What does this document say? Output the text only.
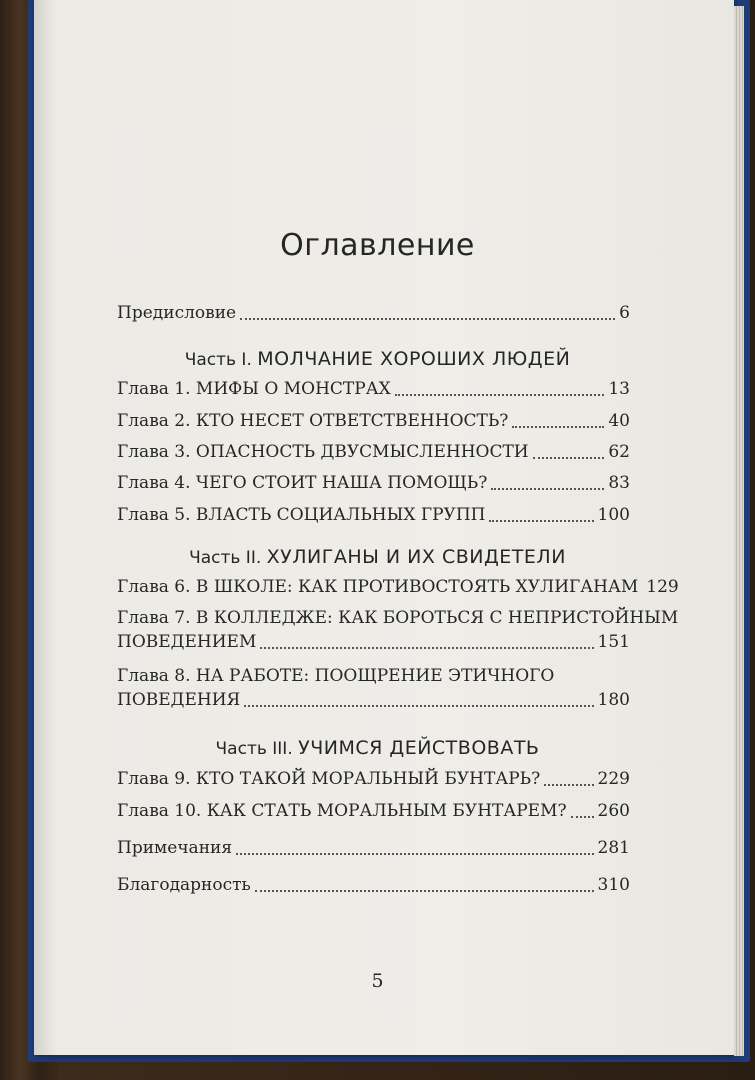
Оглавление
Предисловие	6
Часть I. МОЛЧАНИЕ ХОРОШИХ ЛЮДЕЙ
Глава 1. МИФЫ О МОНСТРАХ	13
Глава 2. КТО НЕСЕТ ОТВЕТСТВЕННОСТЬ?	40
Глава 3. ОПАСНОСТЬ ДВУСМЫСЛЕННОСТИ	62
Глава 4. ЧЕГО СТОИТ НАША ПОМОЩЬ?	83
Глава 5. ВЛАСТЬ СОЦИАЛЬНЫХ ГРУПП	100
Часть II. ХУЛИГАНЫ И ИХ СВИДЕТЕЛИ
Глава 6. В ШКОЛЕ: КАК ПРОТИВОСТОЯТЬ ХУЛИГАНАМ 129
Глава 7. В КОЛЛЕДЖЕ: КАК БОРОТЬСЯ С НЕПРИСТОЙНЫМ
ПОВЕДЕНИЕМ	151
Глава 8. НА РАБОТЕ: ПООЩРЕНИЕ ЭТИЧНОГО
ПОВЕДЕНИЯ	180
Часть III. УЧИМСЯ ДЕЙСТВОВАТЬ
Глава 9. КТО ТАКОЙ МОРАЛЬНЫЙ БУНТАРЬ?	229
Глава 10. КАК СТАТЬ МОРАЛЬНЫМ БУНТАРЕМ? 260
Примечания	281
Благодарность	310
5
